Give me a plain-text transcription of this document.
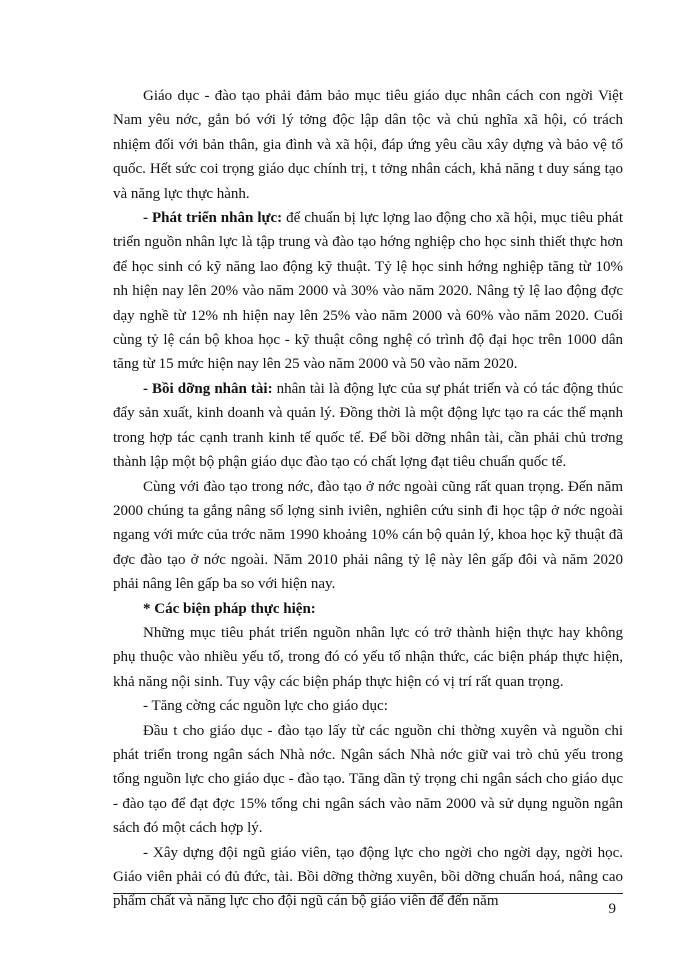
Giáo dục - đào tạo phải đảm bảo mục tiêu giáo dục nhân cách con ngời Việt Nam yêu nớc, gắn bó với lý tởng độc lập dân tộc và chủ nghĩa xã hội, có trách nhiệm đối với bản thân, gia đình và xã hội, đáp ứng yêu cầu xây dựng và bảo vệ tổ quốc. Hết sức coi trọng giáo dục chính trị, t tởng nhân cách, khả năng t duy sáng tạo và năng lực thực hành.

- Phát triển nhân lực: để chuẩn bị lực lợng lao động cho xã hội, mục tiêu phát triển nguồn nhân lực là tập trung và đào tạo hớng nghiệp cho học sinh thiết thực hơn để học sinh có kỹ năng lao động kỹ thuật. Tỷ lệ học sinh hớng nghiệp tăng từ 10% nh hiện nay lên 20% vào năm 2000 và 30% vào năm 2020. Nâng tỷ lệ lao động đợc dạy nghề từ 12% nh hiện nay lên 25% vào năm 2000 và 60% vào năm 2020. Cuối cùng tỷ lệ cán bộ khoa học - kỹ thuật công nghệ có trình độ đại học trên 1000 dân tăng từ 15 mức hiện nay lên 25 vào năm 2000 và 50 vào năm 2020.

- Bồi dỡng nhân tài: nhân tài là động lực của sự phát triển và có tác động thúc đẩy sản xuất, kinh doanh và quản lý. Đồng thời là một động lực tạo ra các thế mạnh trong hợp tác cạnh tranh kinh tế quốc tế. Để bồi dỡng nhân tài, cần phải chủ trơng thành lập một bộ phận giáo dục đào tạo có chất lợng đạt tiêu chuẩn quốc tế.

Cùng với đào tạo trong nớc, đào tạo ở nớc ngoài cũng rất quan trọng. Đến năm 2000 chúng ta gắng nâng số lợng sinh iviên, nghiên cứu sinh đi học tập ở nớc ngoài ngang với mức của trớc năm 1990 khoảng 10% cán bộ quản lý, khoa học kỹ thuật đã đợc đào tạo ở nớc ngoài. Năm 2010 phải nâng tỷ lệ này lên gấp đôi và năm 2020 phải nâng lên gấp ba so với hiện nay.

* Các biện pháp thực hiện:

Những mục tiêu phát triển nguồn nhân lực có trở thành hiện thực hay không phụ thuộc vào nhiều yếu tố, trong đó có yếu tố nhận thức, các biện pháp thực hiện, khả năng nội sinh. Tuy vậy các biện pháp thực hiện có vị trí rất quan trọng.

- Tăng cờng các nguồn lực cho giáo dục:

Đầu t cho giáo dục - đào tạo lấy từ các nguồn chi thờng xuyên và nguồn chi phát triển trong ngân sách Nhà nớc. Ngân sách Nhà nớc giữ vai trò chủ yếu trong tổng nguồn lực cho giáo dục - đào tạo. Tăng dần tỷ trọng chi ngân sách cho giáo dục - đào tạo để đạt đợc 15% tổng chi ngân sách vào năm 2000 và sử dụng nguồn ngân sách đó một cách hợp lý.

- Xây dựng đội ngũ giáo viên, tạo động lực cho ngời cho ngời dạy, ngời học. Giáo viên phải có đủ đức, tài. Bồi dỡng thờng xuyên, bồi dỡng chuẩn hoá, nâng cao phẩm chất và năng lực cho đội ngũ cán bộ giáo viên để đến năm	9
